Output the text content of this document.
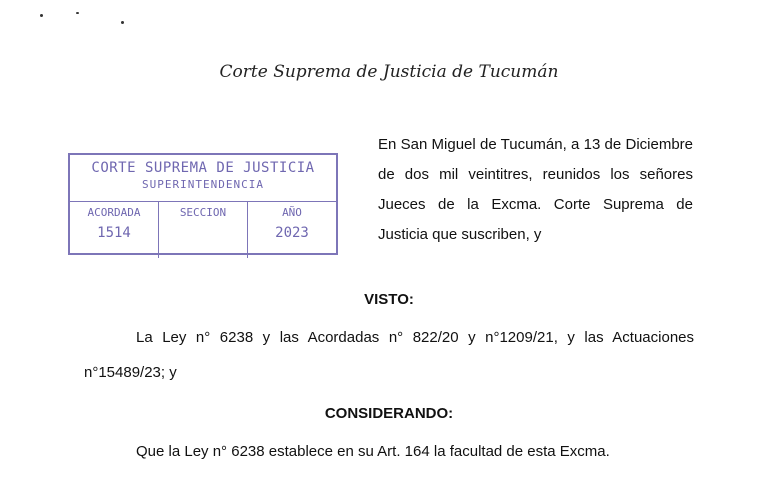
Corte Suprema de Justicia de Tucumán
CORTE SUPREMA DE JUSTICIA
SUPERINTENDENCIA
ACORDADA
1514
SECCION	AÑO
2023
En San Miguel de Tucumán, a 13 de Diciembre de dos mil veintitres, reunidos los señores Jueces de la Excma. Corte Suprema de Justicia que suscriben, y
VISTO:
La Ley n° 6238 y las Acordadas n° 822/20 y n°1209/21, y las Actuaciones n°15489/23; y
CONSIDERANDO:
Que la Ley n° 6238 establece en su Art. 164 la facultad de esta Excma.
